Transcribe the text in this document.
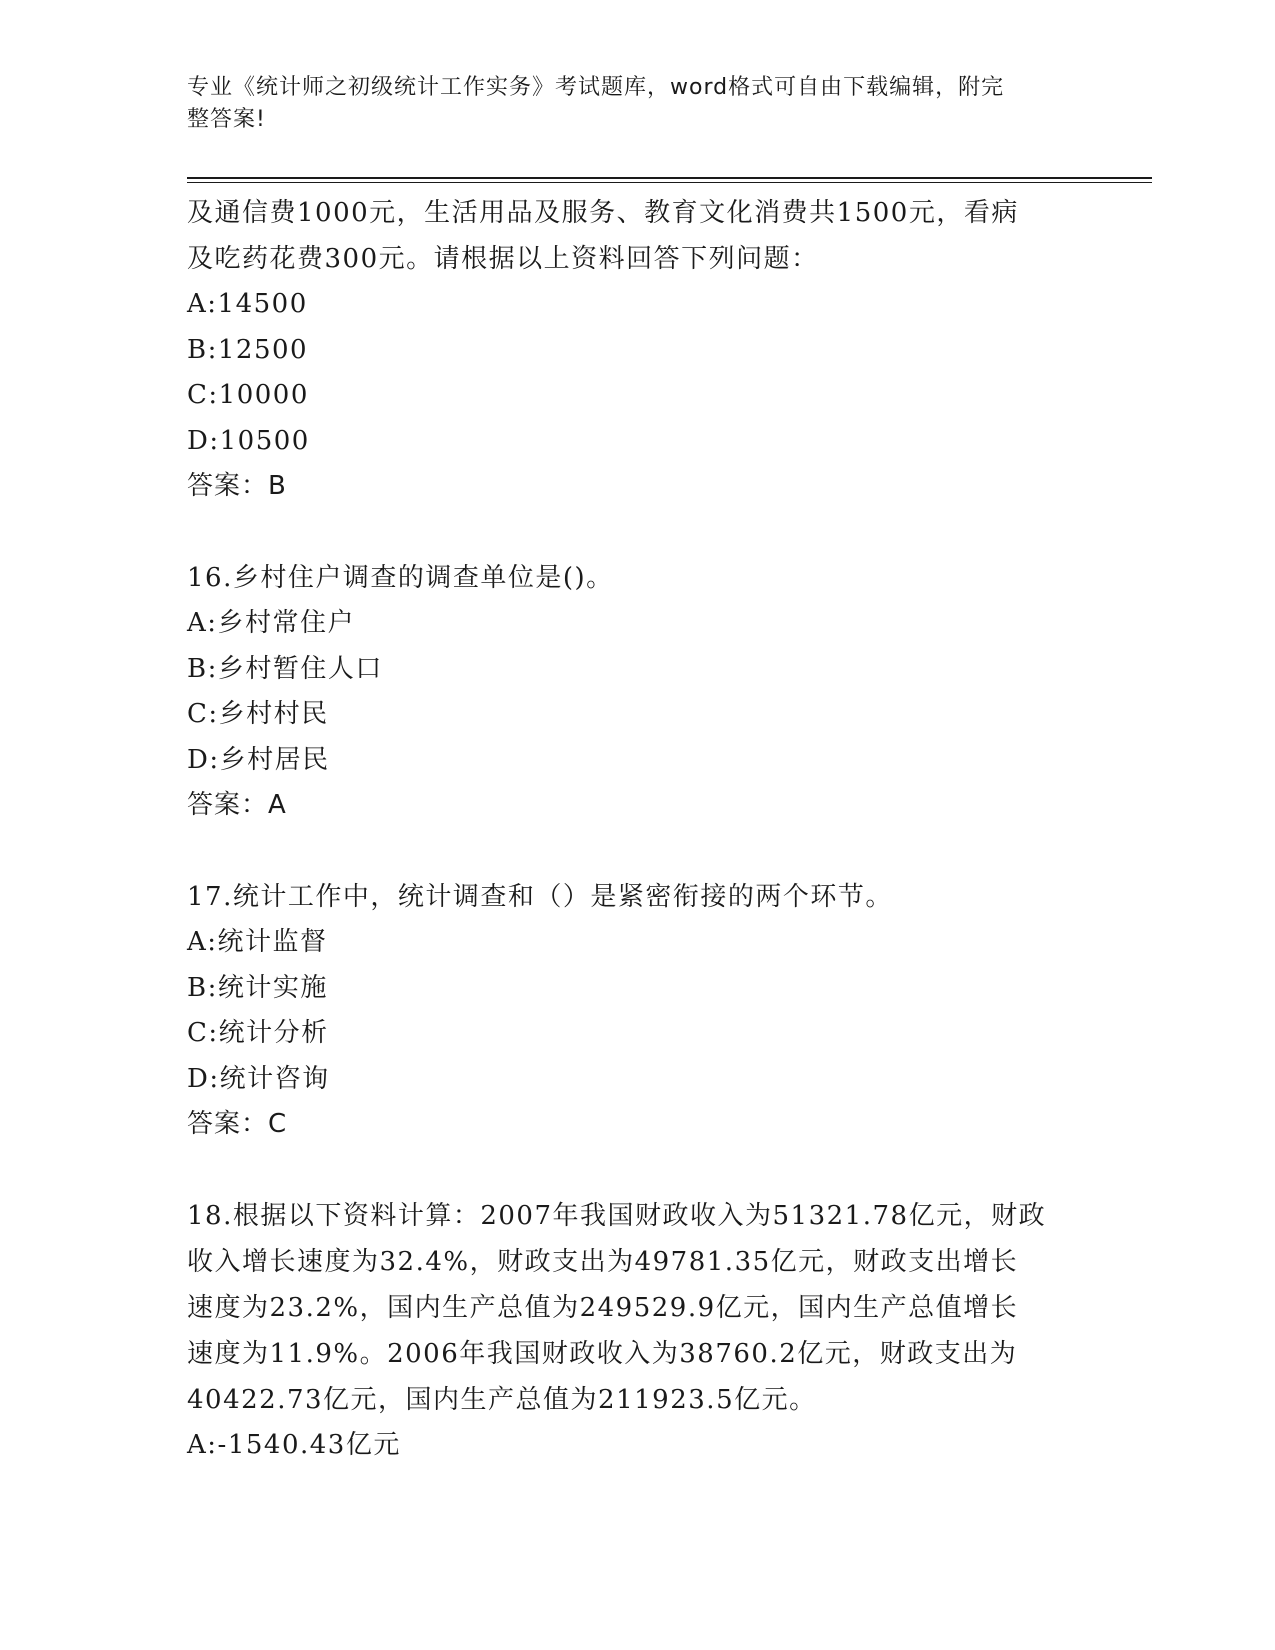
专业《统计师之初级统计工作实务》考试题库，word格式可自由下载编辑，附完
整答案!

及通信费1000元，生活用品及服务、教育文化消费共1500元，看病

及吃药花费300元。请根据以上资料回答下列问题：

A:14500

B:12500

C:10000

D:10500

答案：B

16.乡村住户调查的调查单位是()。

A:乡村常住户

B:乡村暂住人口

C:乡村村民

D:乡村居民

答案：A

17.统计工作中，统计调查和（）是紧密衔接的两个环节。

A:统计监督

B:统计实施

C:统计分析

D:统计咨询

答案：C

18.根据以下资料计算：2007年我国财政收入为51321.78亿元，财政

收入增长速度为32.4%，财政支出为49781.35亿元，财政支出增长

速度为23.2%，国内生产总值为249529.9亿元，国内生产总值增长

速度为11.9%。2006年我国财政收入为38760.2亿元，财政支出为

40422.73亿元，国内生产总值为211923.5亿元。

A:-1540.43亿元
